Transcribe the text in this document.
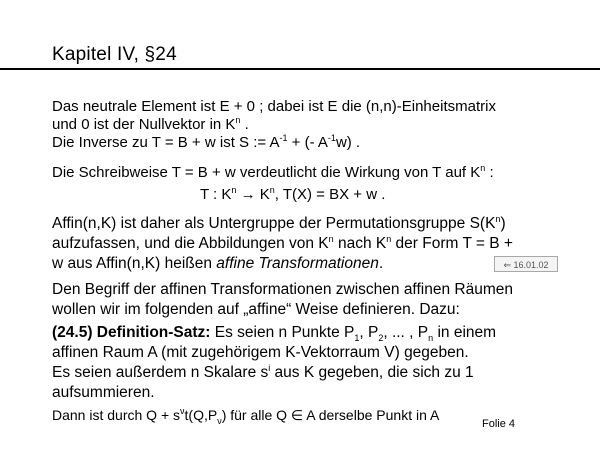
Kapitel IV, §24
Das neutrale Element ist E + 0 ; dabei ist E die (n,n)-Einheitsmatrix
und 0 ist der Nullvektor in $K^n$ .
Die Inverse zu T = B + w ist S := $A^{-1}$ + (- $A^{-1}w$) .
Die Schreibweise T = B + w verdeutlicht die Wirkung von T auf $K^n$ :
T : $K^n \to K^n$, T(X) = BX + w .
Affin(n,K) ist daher als Untergruppe der Permutationsgruppe $S(K^n)$
aufzufassen, und die Abbildungen von $K^n$ nach $K^n$ der Form T = B +
w aus Affin(n,K) heißen affine Transformationen.	⇐ 16.01.02
Den Begriff der affinen Transformationen zwischen affinen Räumen
wollen wir im folgenden auf „affine“ Weise definieren. Dazu:
(24.5) Definition-Satz: Es seien n Punkte $P_1$, $P_2$, ... , $P_n$ in einem
affinen Raum A (mit zugehörigem K-Vektorraum V) gegeben.
Es seien außerdem n Skalare $s^i$ aus K gegeben, die sich zu 1
aufsummieren.
Dann ist durch $Q + s^\nu t(Q,P_\nu)$ für alle Q ∈ A derselbe Punkt in A
Folie 4
